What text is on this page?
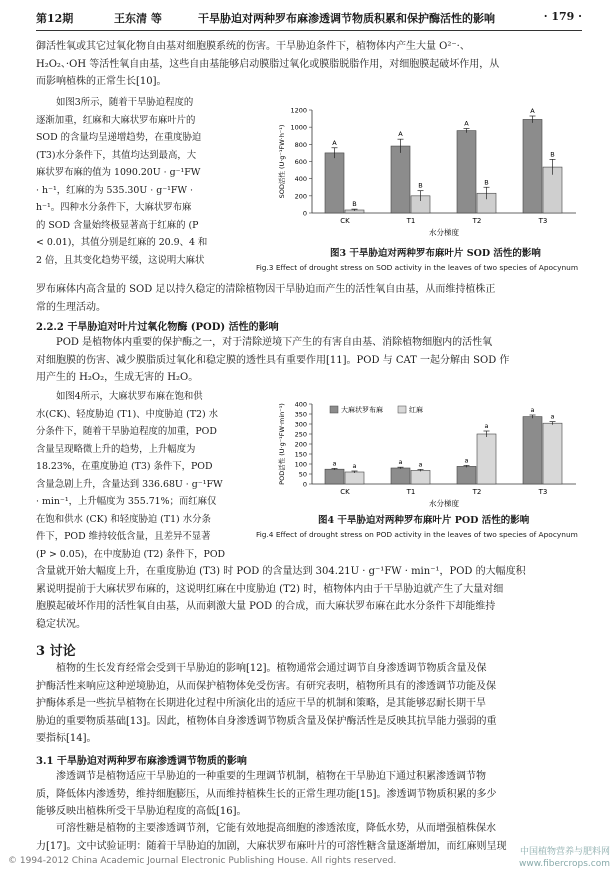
第12期	王东清 等	干旱胁迫对两种罗布麻渗透调节物质积累和保护酶活性的影响	· 179 ·
御活性氧或其它过氧化物自由基对细胞膜系统的伤害。干旱胁迫条件下，植物体内产生大量 O²⁻·、
H₂O₂、·OH 等活性氧自由基，这些自由基能够启动膜脂过氧化或膜脂脱脂作用，对细胞膜起破坏作用，从
而影响植株的正常生长[10]。
如图3所示，随着干旱胁迫程度的
逐渐加重，红麻和大麻状罗布麻叶片的
SOD 的含量均呈递增趋势，在重度胁迫
(T3)水分条件下，其值均达到最高，大
麻状罗布麻的值为 1090.20U · g⁻¹FW
· h⁻¹，红麻的为 535.30U · g⁻¹FW ·
h⁻¹。四种水分条件下，大麻状罗布麻
的 SOD 含量始终极显著高于红麻的 (P
< 0.01)，其值分别是红麻的 20.9、4 和
2 倍，且其变化趋势平缓，这说明大麻状
罗布麻体内高含量的 SOD 足以持久稳定的清除植物因干旱胁迫而产生的活性氧自由基，从而维持植株正
常的生理活动。
SOD活性 (U·g⁻¹FW·h⁻¹)
0
200
400
600
800
1000
1200
A
B
CK
A
B
T1
A
B
T2
A
B
T3
水分梯度
图3 干旱胁迫对两种罗布麻叶片 SOD 活性的影响
Fig.3 Effect of drought stress on SOD activity in the leaves of two species of Apocynum
2.2.2 干旱胁迫对叶片过氧化物酶 (POD) 活性的影响
POD 是植物体内重要的保护酶之一，对于清除逆境下产生的有害自由基、消除植物细胞内的活性氧
对细胞膜的伤害、减少膜脂质过氧化和稳定膜的透性具有重要作用[11]。POD 与 CAT 一起分解由 SOD 作
用产生的 H₂O₂，生成无害的 H₂O。
如图4所示，大麻状罗布麻在饱和供
水(CK)、轻度胁迫 (T1)、中度胁迫 (T2) 水
分条件下，随着干旱胁迫程度的加重，POD
含量呈现略微上升的趋势，上升幅度为
18.23%，在重度胁迫 (T3) 条件下，POD
含量急剧上升，含量达到 336.68U · g⁻¹FW
· min⁻¹，上升幅度为 355.71%；而红麻仅
在饱和供水 (CK) 和轻度胁迫 (T1) 水分条
件下，POD 维持较低含量，且差异不显著
(P > 0.05)，在中度胁迫 (T2) 条件下，POD
含量就开始大幅度上升，在重度胁迫 (T3) 时 POD 的含量达到 304.21U · g⁻¹FW · min⁻¹，POD 的大幅度积
累说明提前于大麻状罗布麻的，这说明红麻在中度胁迫 (T2) 时，植物体内由于干旱胁迫就产生了大量对细
胞膜起破坏作用的活性氧自由基，从而刺激大量 POD 的合成，而大麻状罗布麻在此水分条件下却能维持
稳定状况。
POD活性 (U·g⁻¹FW·min⁻¹)	0
50
100
150
200
250
300
350
400
a a
CK
a a
T1
a
a
T2
a
a
T3
水分梯度
大麻状罗布麻	红麻
图4 干旱胁迫对两种罗布麻叶片 POD 活性的影响
Fig.4 Effect of drought stress on POD activity in the leaves of two species of Apocynum
3 讨论
植物的生长发育经常会受到干旱胁迫的影响[12]。植物通常会通过调节自身渗透调节物质含量及保
护酶活性来响应这种逆境胁迫，从而保护植物体免受伤害。有研究表明，植物所具有的渗透调节功能及保
护酶体系是一些抗旱植物在长期进化过程中所演化出的适应干旱的机制和策略，是其能够忍耐长期干旱
胁迫的重要物质基础[13]。因此，植物体自身渗透调节物质含量及保护酶活性是反映其抗旱能力强弱的重
要指标[14]。
3.1 干旱胁迫对两种罗布麻渗透调节物质的影响
渗透调节是植物适应干旱胁迫的一种重要的生理调节机制，植物在干旱胁迫下通过积累渗透调节物
质，降低体内渗透势，维持细胞膨压，从而维持植株生长的正常生理功能[15]。渗透调节物质积累的多少
能够反映出植株所受干旱胁迫程度的高低[16]。
可溶性糖是植物的主要渗透调节剂，它能有效地提高细胞的渗透浓度，降低水势，从而增强植株保水
力[17]。文中试验证明：随着干旱胁迫的加剧，大麻状罗布麻叶片的可溶性糖含量逐渐增加，而红麻则呈现
© 1994-2012 China Academic Journal Electronic Publishing House. All rights reserved.
中国植物营养与肥料网
www.fibercrops.com
